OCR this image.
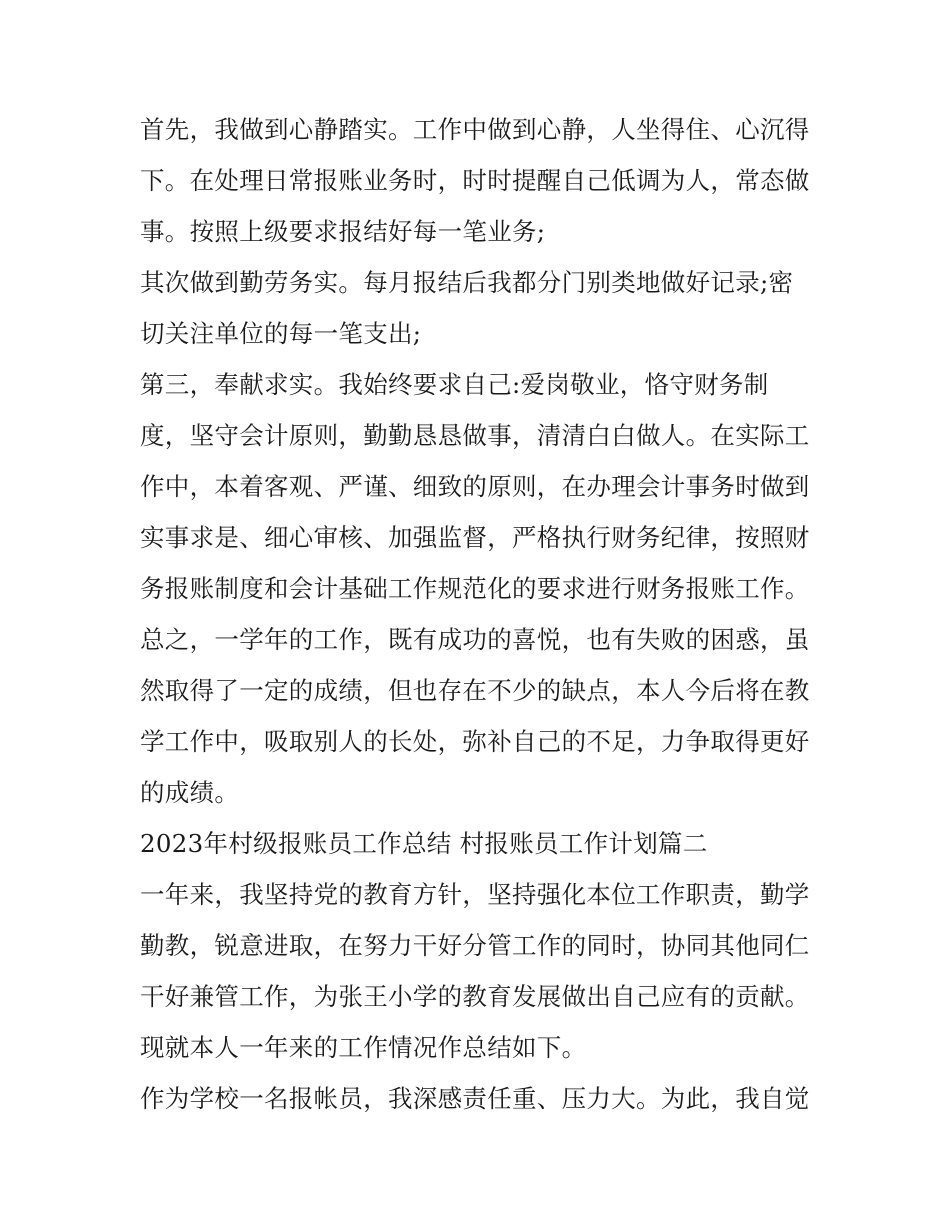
首先，我做到心静踏实。工作中做到心静，人坐得住、心沉得
下。在处理日常报账业务时，时时提醒自己低调为人，常态做
事。按照上级要求报结好每一笔业务;
其次做到勤劳务实。每月报结后我都分门别类地做好记录;密
切关注单位的每一笔支出;
第三，奉献求实。我始终要求自己:爱岗敬业，恪守财务制
度，坚守会计原则，勤勤恳恳做事，清清白白做人。在实际工
作中，本着客观、严谨、细致的原则，在办理会计事务时做到
实事求是、细心审核、加强监督，严格执行财务纪律，按照财
务报账制度和会计基础工作规范化的要求进行财务报账工作。
总之，一学年的工作，既有成功的喜悦，也有失败的困惑，虽
然取得了一定的成绩，但也存在不少的缺点，本人今后将在教
学工作中，吸取别人的长处，弥补自己的不足，力争取得更好
的成绩。
2023年村级报账员工作总结 村报账员工作计划篇二
一年来，我坚持党的教育方针，坚持强化本位工作职责，勤学
勤教，锐意进取，在努力干好分管工作的同时，协同其他同仁
干好兼管工作，为张王小学的教育发展做出自己应有的贡献。
现就本人一年来的工作情况作总结如下。
作为学校一名报帐员，我深感责任重、压力大。为此，我自觉
